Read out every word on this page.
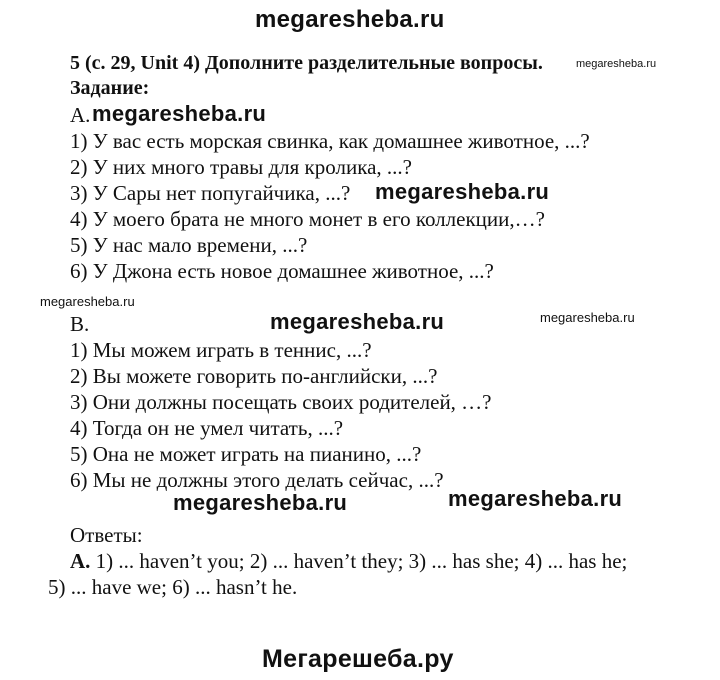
megaresheba.ru
5 (с. 29, Unit 4) Дополните разделительные вопросы.	megaresheba.ru
Задание:
A. megaresheba.ru
1) У вас есть морская свинка, как домашнее животное, ...?
2) У них много травы для кролика, ...?
3) У Сары нет попугайчика, ...? megaresheba.ru
4) У моего брата не много монет в его коллекции,…?
5) У нас мало времени, ...?
6) У Джона есть новое домашнее животное, ...?
megaresheba.ru
B.	megaresheba.ru	megaresheba.ru
1) Мы можем играть в теннис, ...?
2) Вы можете говорить по-английски, ...?
3) Они должны посещать своих родителей, …?
4) Тогда он не умел читать, ...?
5) Она не может играть на пианино, ...?
6) Мы не должны этого делать сейчас, ...?
megaresheba.ru	megaresheba.ru
Ответы:
А. 1) ... haven’t you; 2) ... haven’t they; 3) ... has she; 4) ... has he;
5) ... have we; 6) ... hasn’t he.
Мегарешеба.ру
